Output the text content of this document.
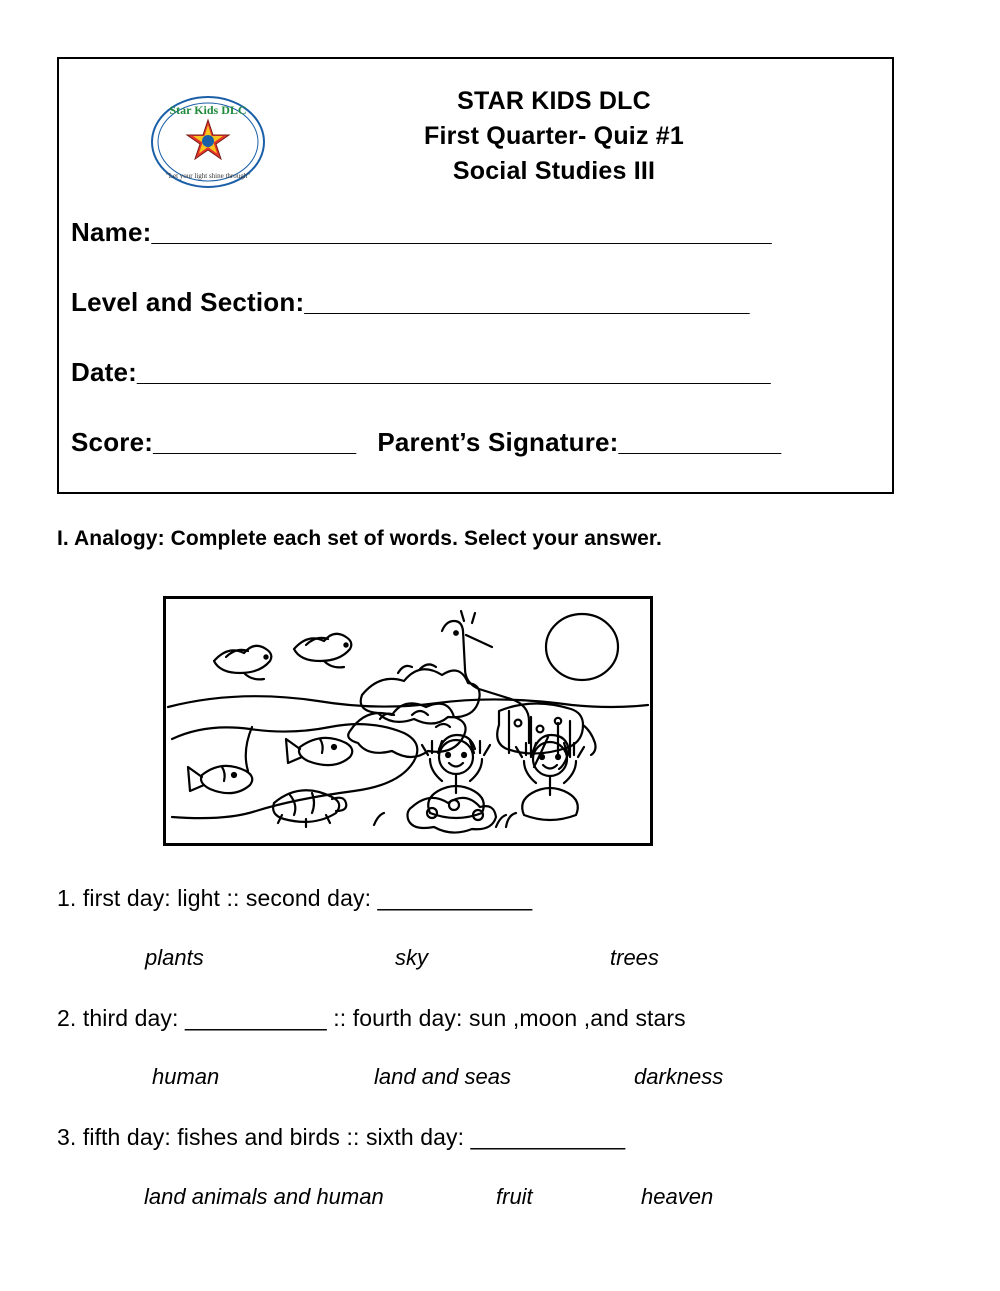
Star Kids DLC
"Let your light shine through"
STAR KIDS DLC
First Quarter- Quiz #1
Social Studies III
Name:______________________________________________
Level and Section:_________________________________
Date:_______________________________________________
Score:_______________ Parent’s Signature:____________
I. Analogy: Complete each set of words. Select your answer.
1. first day: light :: second day: ____________
plants	sky	trees
2. third day: ___________ :: fourth day: sun ,moon ,and stars
human	land and seas	darkness
3. fifth day: fishes and birds :: sixth day: ____________
land animals and human	fruit	heaven
